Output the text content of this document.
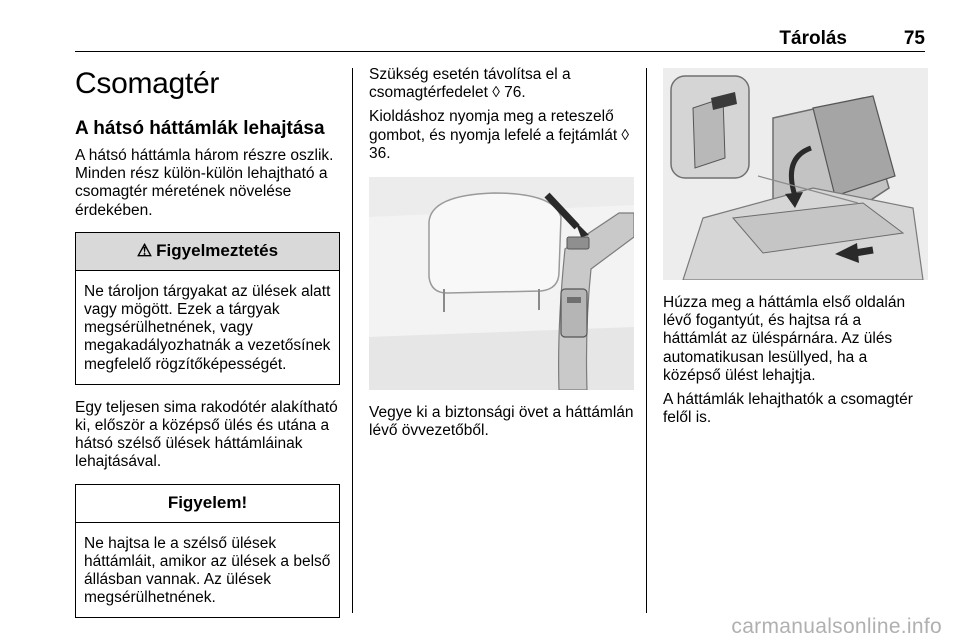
Tárolás	75
Csomagtér
A hátsó háttámlák lehajtása

A hátsó háttámla három részre oszlik. Minden rész külön-külön lehajtható a csomagtér méretének növelése érdekében.

⚠ Figyelmeztetés
Ne tároljon tárgyakat az ülések alatt vagy mögött. Ezek a tárgyak megsérülhetnének, vagy megakadályozhatnák a vezetősínek megfelelő rögzítőképességét.

Egy teljesen sima rakodótér alakítható ki, először a középső ülés és utána a hátsó szélső ülések háttámláinak lehajtásával.

Figyelem!
Ne hajtsa le a szélső ülések háttámláit, amikor az ülések a belső állásban vannak. Az ülések megsérülhetnének.

Szükség esetén távolítsa el a csomagtérfedelet ◊ 76.

Kioldáshoz nyomja meg a reteszelő gombot, és nyomja lefelé a fejtámlát ◊ 36.

Vegye ki a biztonsági övet a háttámlán lévő övvezetőből.

Húzza meg a háttámla első oldalán lévő fogantyút, és hajtsa rá a háttámlát az üléspárnára. Az ülés automatikusan lesüllyed, ha a középső ülést lehajtja.

A háttámlák lehajthatók a csomagtér felől is.

carmanualsonline.info
